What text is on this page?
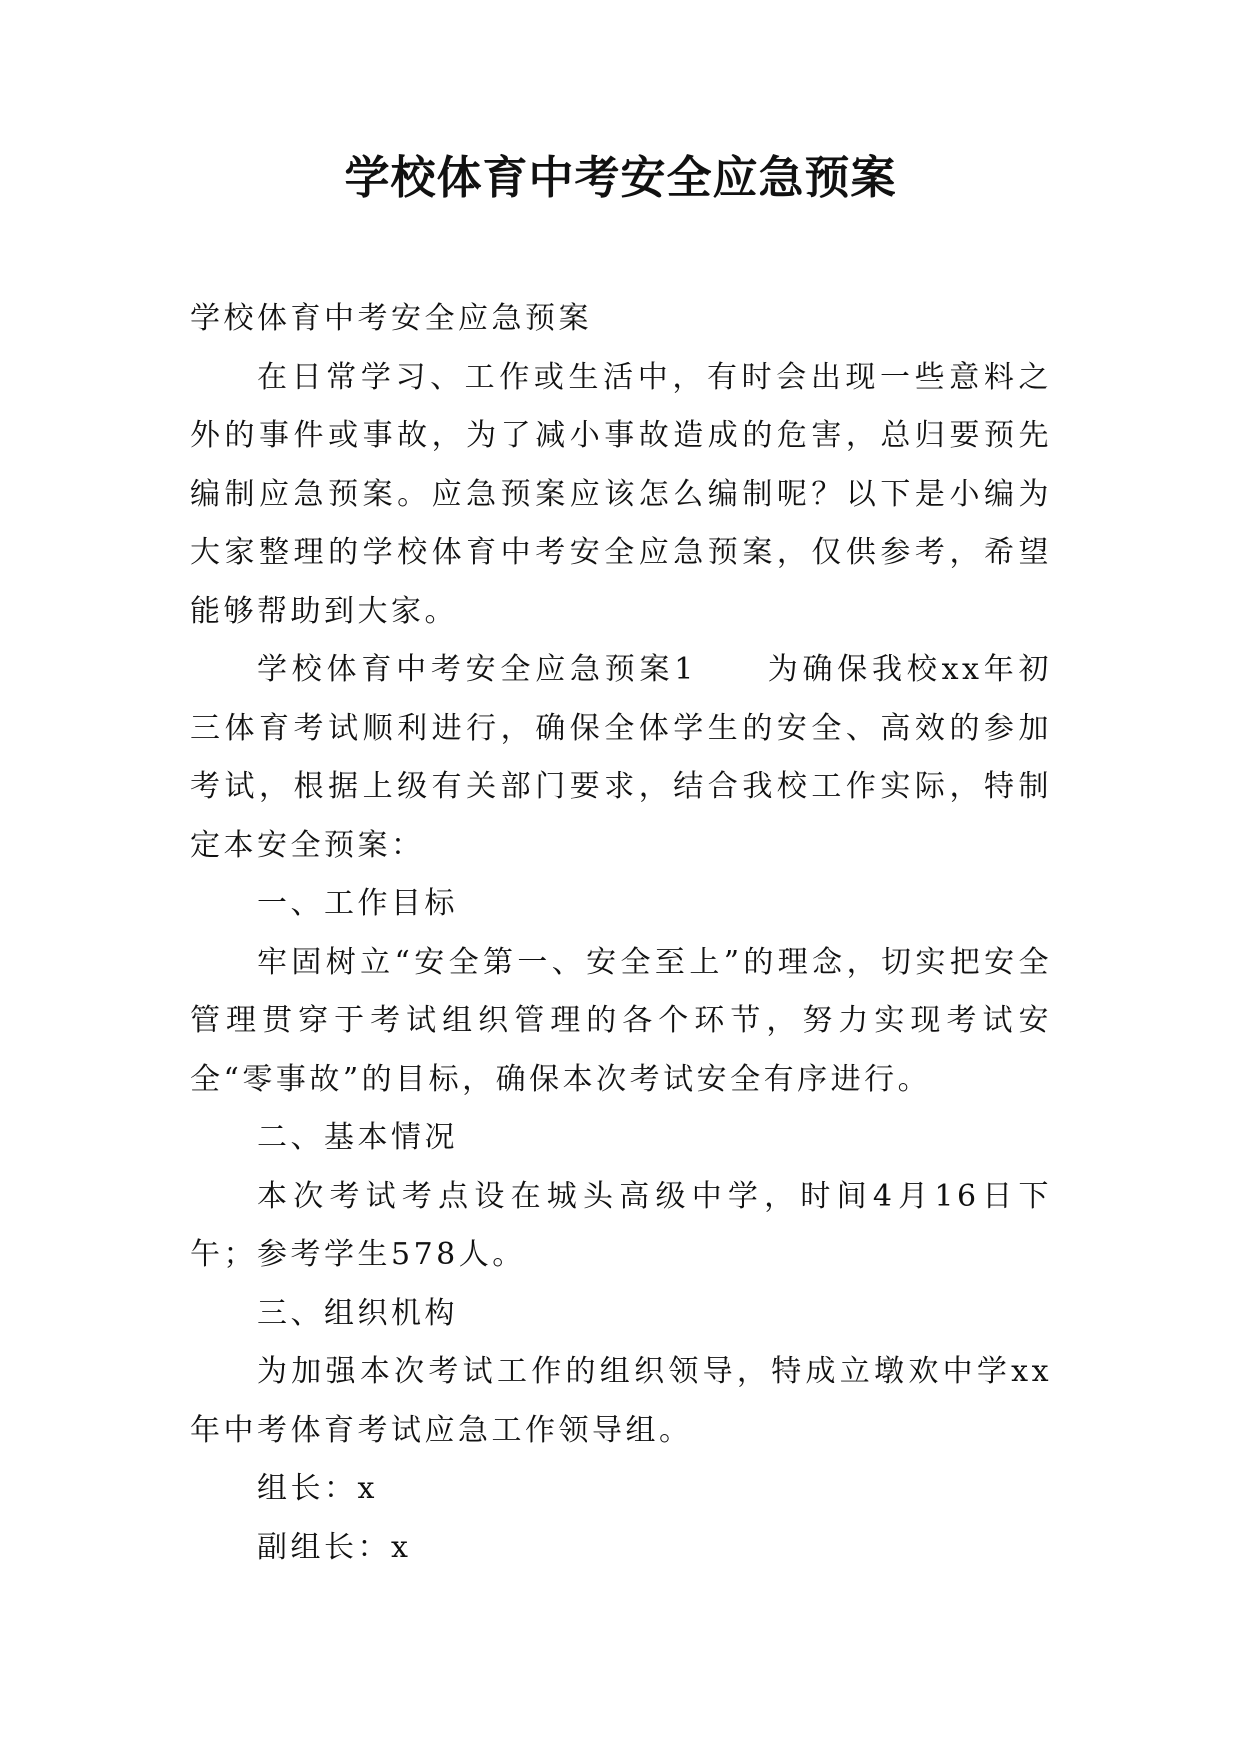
学校体育中考安全应急预案

学校体育中考安全应急预案

在日常学习、工作或生活中，有时会出现一些意料之外的事件或事故，为了减小事故造成的危害，总归要预先编制应急预案。应急预案应该怎么编制呢？以下是小编为大家整理的学校体育中考安全应急预案，仅供参考，希望能够帮助到大家。

学校体育中考安全应急预案1　　为确保我校xx年初三体育考试顺利进行，确保全体学生的安全、高效的参加考试，根据上级有关部门要求，结合我校工作实际，特制定本安全预案：

一、工作目标

牢固树立“安全第一、安全至上”的理念，切实把安全管理贯穿于考试组织管理的各个环节，努力实现考试安全“零事故”的目标，确保本次考试安全有序进行。

二、基本情况

本次考试考点设在城头高级中学，时间4月16日下午；参考学生578人。

三、组织机构

为加强本次考试工作的组织领导，特成立墩欢中学xx年中考体育考试应急工作领导组。

组长：x

副组长：x
